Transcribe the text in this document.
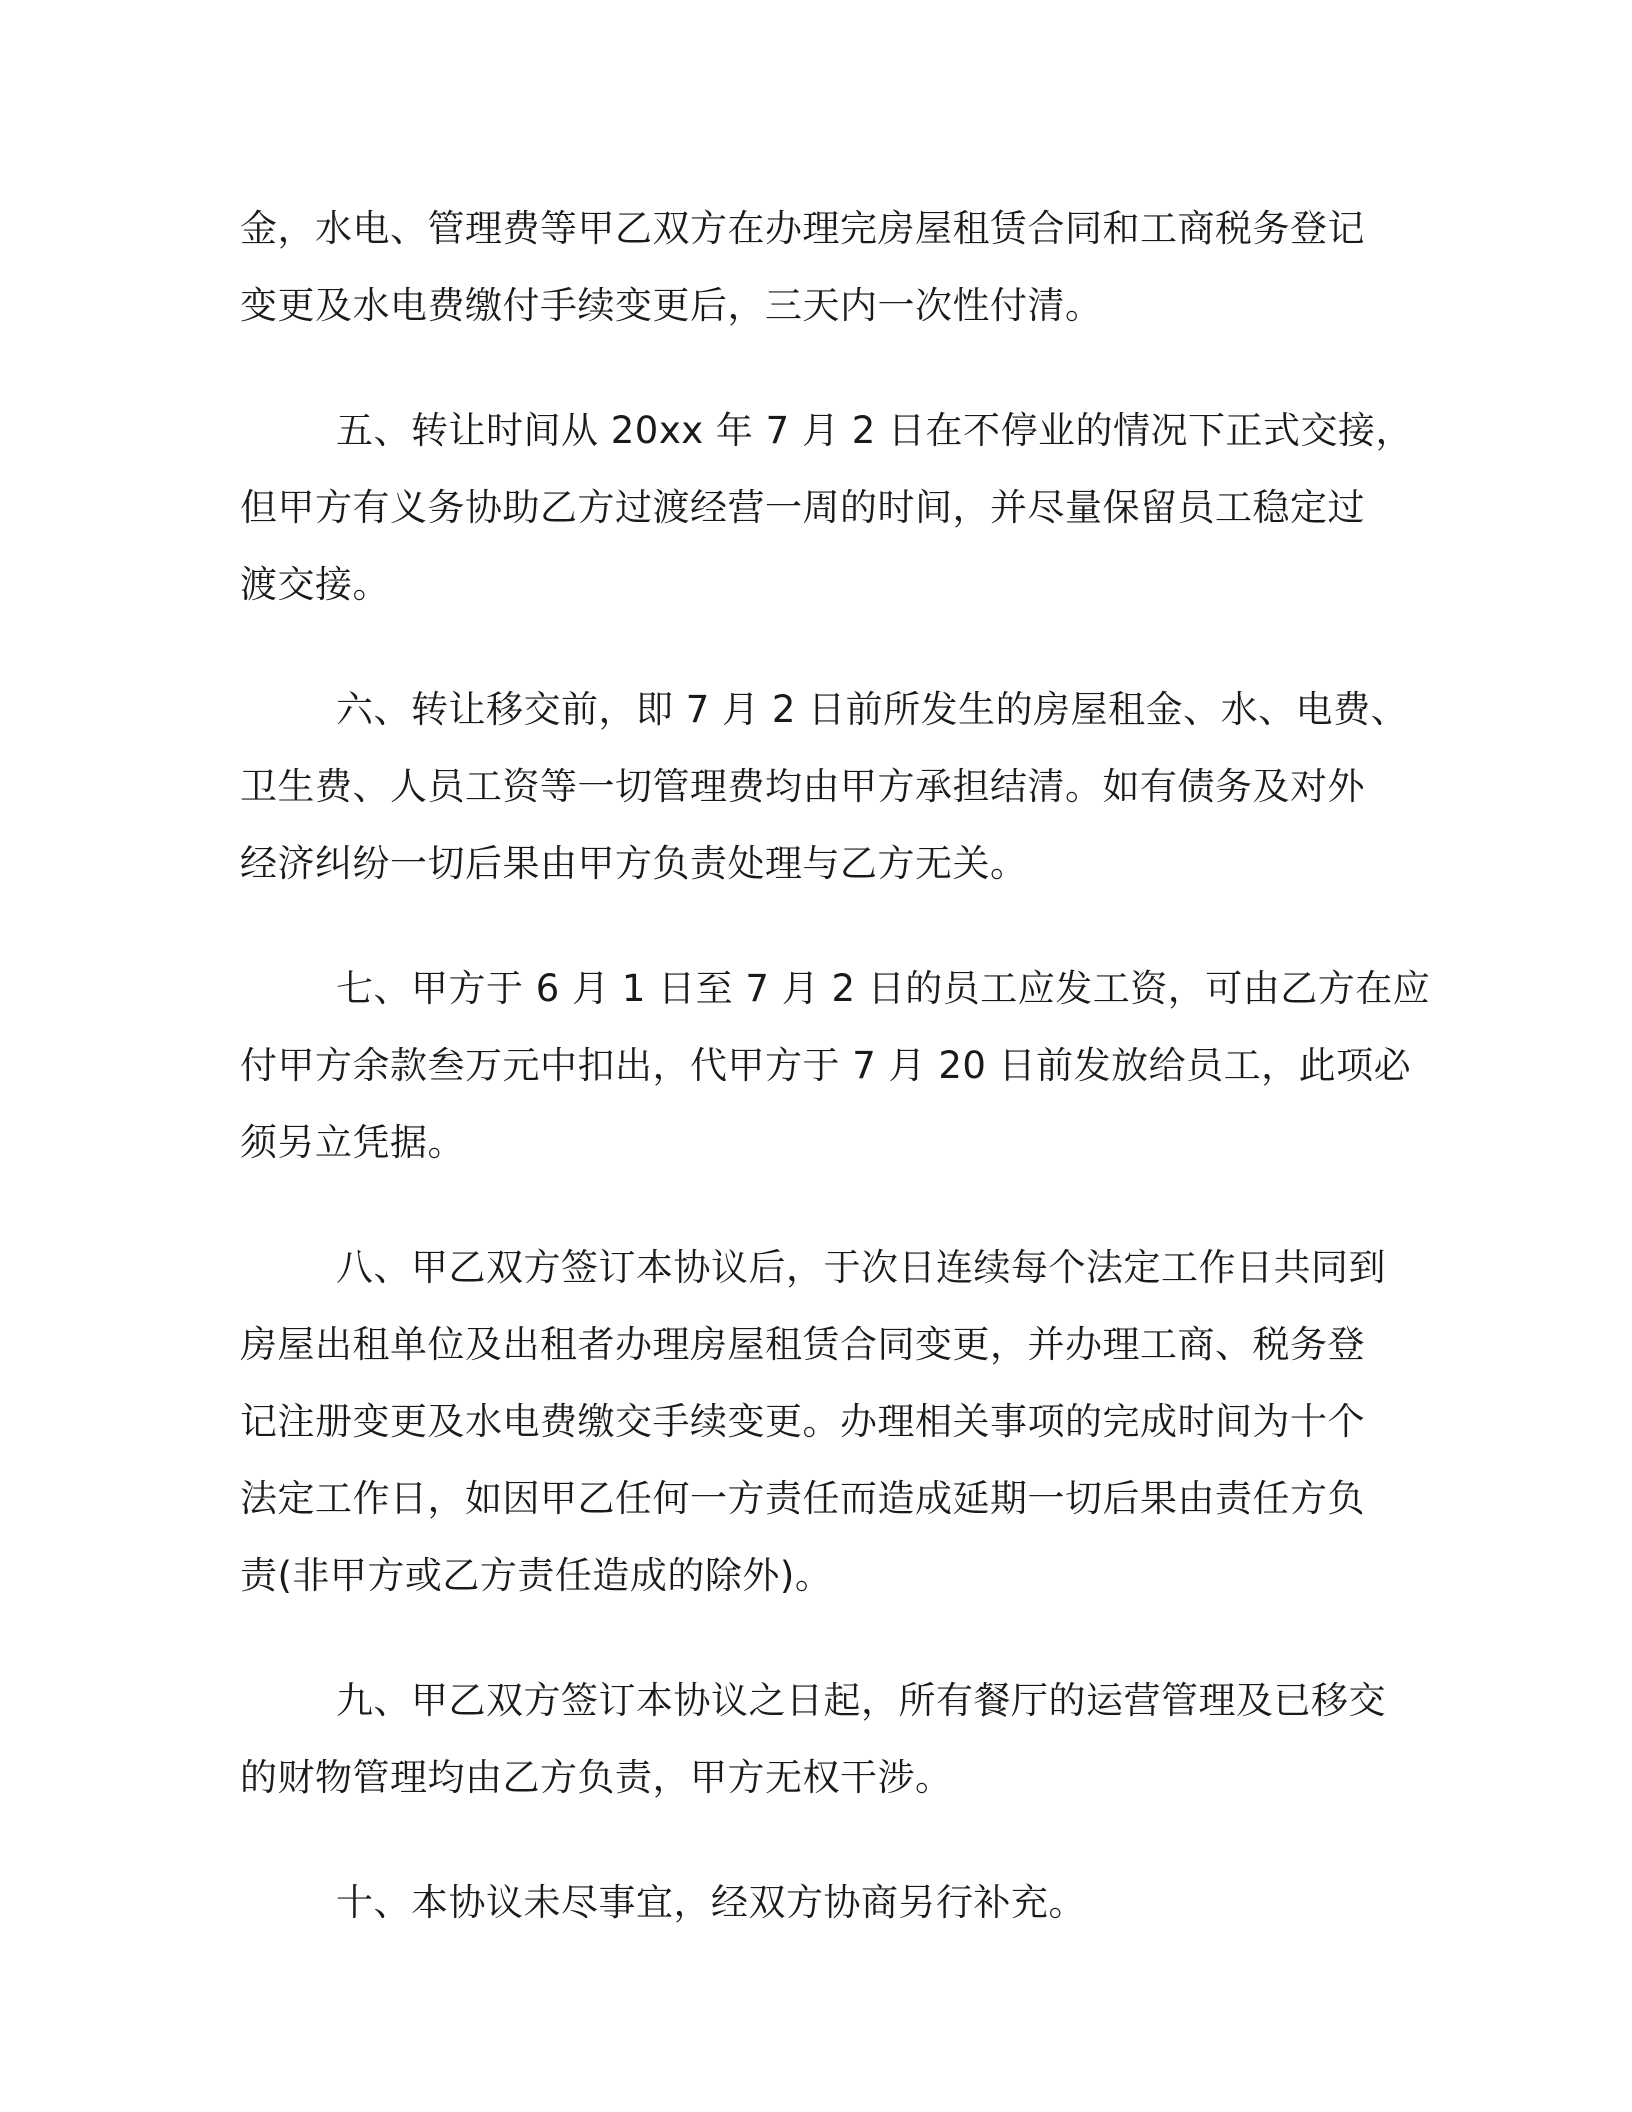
金，水电、管理费等甲乙双方在办理完房屋租赁合同和工商税务登记
变更及水电费缴付手续变更后，三天内一次性付清。

五、转让时间从 20xx 年 7 月 2 日在不停业的情况下正式交接，
但甲方有义务协助乙方过渡经营一周的时间，并尽量保留员工稳定过
渡交接。

六、转让移交前，即 7 月 2 日前所发生的房屋租金、水、电费、
卫生费、人员工资等一切管理费均由甲方承担结清。如有债务及对外
经济纠纷一切后果由甲方负责处理与乙方无关。

七、甲方于 6 月 1 日至 7 月 2 日的员工应发工资，可由乙方在应
付甲方余款叁万元中扣出，代甲方于 7 月 20 日前发放给员工，此项必
须另立凭据。

八、甲乙双方签订本协议后，于次日连续每个法定工作日共同到
房屋出租单位及出租者办理房屋租赁合同变更，并办理工商、税务登
记注册变更及水电费缴交手续变更。办理相关事项的完成时间为十个
法定工作日，如因甲乙任何一方责任而造成延期一切后果由责任方负
责(非甲方或乙方责任造成的除外)。

九、甲乙双方签订本协议之日起，所有餐厅的运营管理及已移交
的财物管理均由乙方负责，甲方无权干涉。

十、本协议未尽事宜，经双方协商另行补充。
